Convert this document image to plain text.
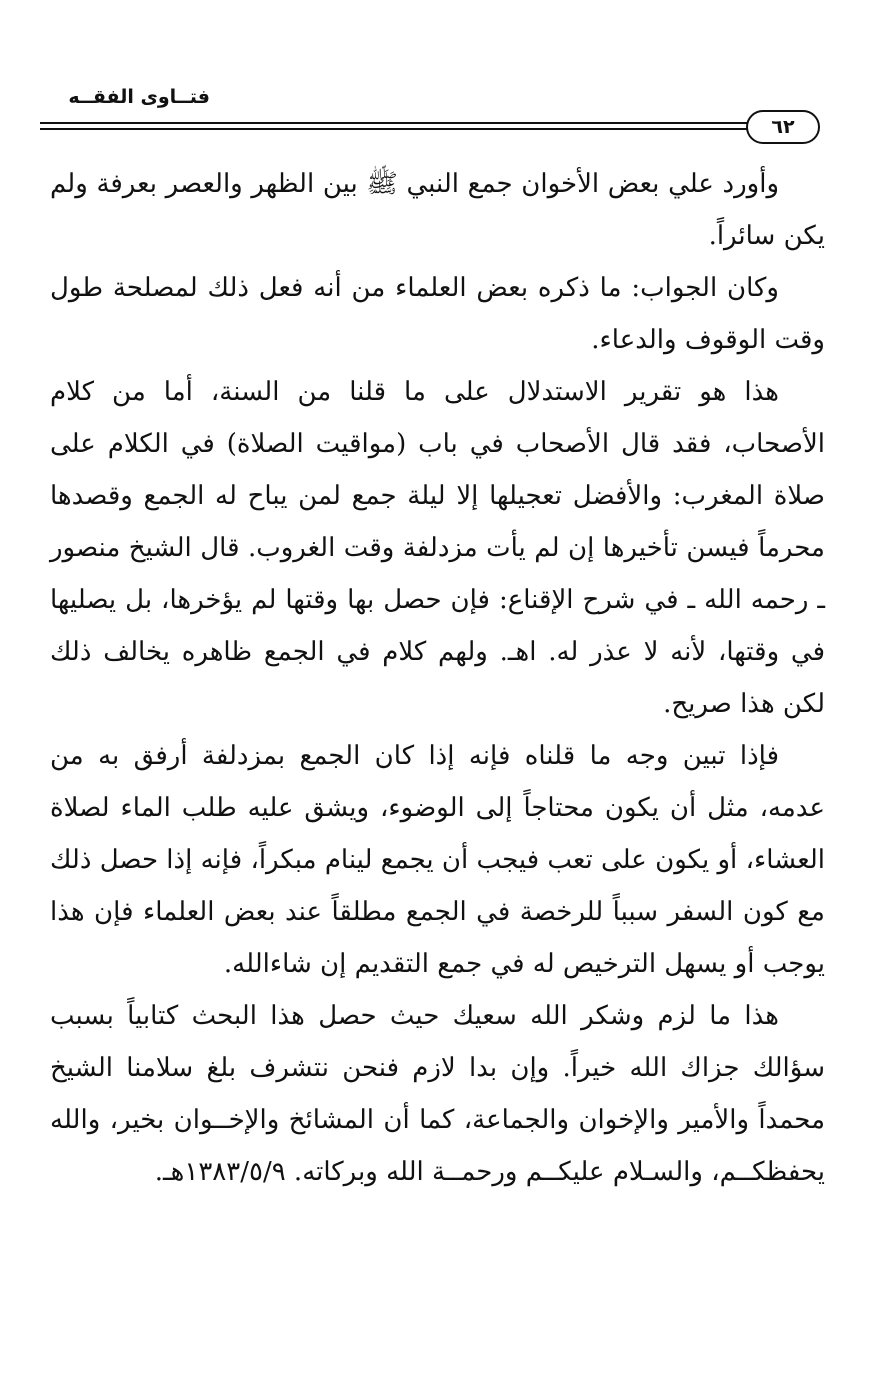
فتــاوى الفقــه
٦٢

وأورد علي بعض الأخوان جمع النبي ﷺ بين الظهر والعصر بعرفة ولم يكن سائراً.

وكان الجواب: ما ذكره بعض العلماء من أنه فعل ذلك لمصلحة طول وقت الوقوف والدعاء.

هذا هو تقرير الاستدلال على ما قلنا من السنة، أما من كلام الأصحاب، فقد قال الأصحاب في باب (مواقيت الصلاة) في الكلام على صلاة المغرب: والأفضل تعجيلها إلا ليلة جمع لمن يباح له الجمع وقصدها محرماً فيسن تأخيرها إن لم يأت مزدلفة وقت الغروب. قال الشيخ منصور ـ رحمه الله ـ في شرح الإقناع: فإن حصل بها وقتها لم يؤخرها، بل يصليها في وقتها، لأنه لا عذر له. اهـ. ولهم كلام في الجمع ظاهره يخالف ذلك لكن هذا صريح.

فإذا تبين وجه ما قلناه فإنه إذا كان الجمع بمزدلفة أرفق به من عدمه، مثل أن يكون محتاجاً إلى الوضوء، ويشق عليه طلب الماء لصلاة العشاء، أو يكون على تعب فيجب أن يجمع لينام مبكراً، فإنه إذا حصل ذلك مع كون السفر سبباً للرخصة في الجمع مطلقاً عند بعض العلماء فإن هذا يوجب أو يسهل الترخيص له في جمع التقديم إن شاءالله.

هذا ما لزم وشكر الله سعيك حيث حصل هذا البحث كتابياً بسبب سؤالك جزاك الله خيراً. وإن بدا لازم فنحن نتشرف بلغ سلامنا الشيخ محمداً والأمير والإخوان والجماعة، كما أن المشائخ والإخــوان بخير، والله يحفظكــم، والسـلام عليكــم ورحمــة الله وبركاته. ١٣٨٣/٥/٩هـ.
